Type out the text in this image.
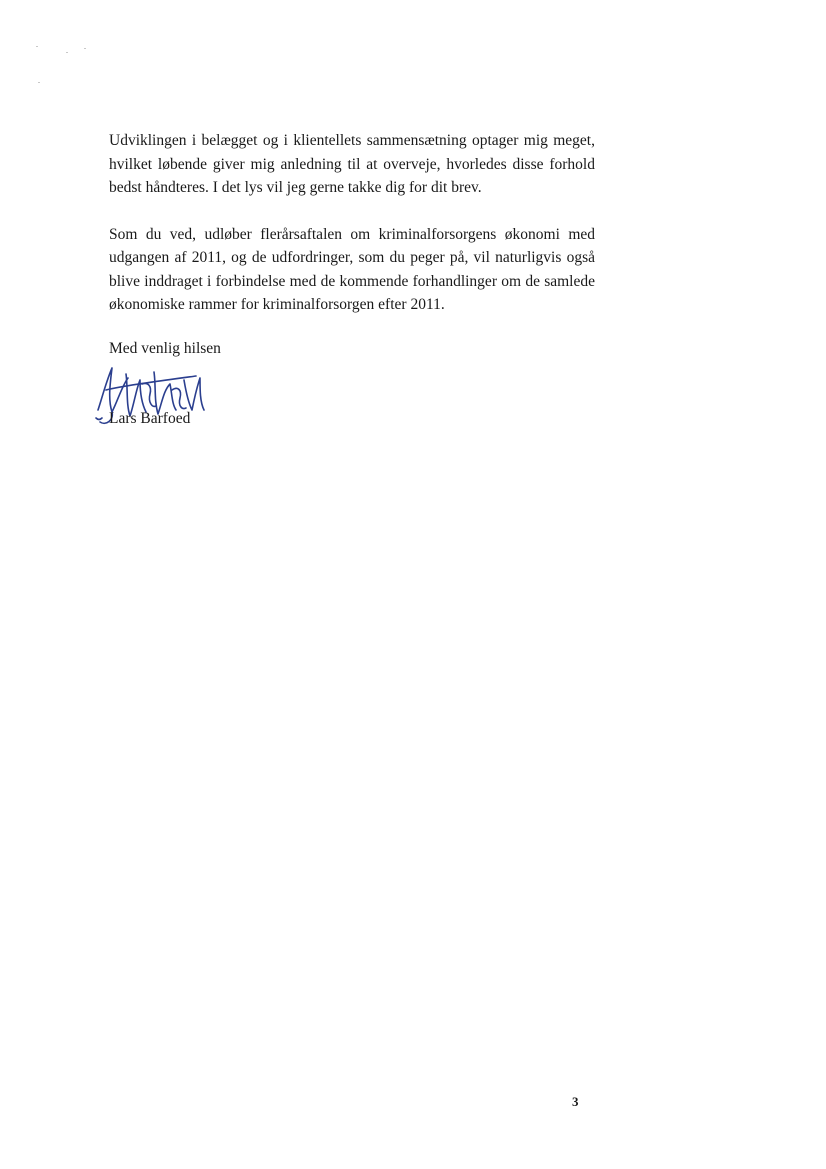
Udviklingen i belægget og i klientellets sammensætning optager mig meget, hvilket løbende giver mig anledning til at overveje, hvorledes disse forhold bedst håndteres. I det lys vil jeg gerne takke dig for dit brev.

Som du ved, udløber flerårsaftalen om kriminalforsorgens økonomi med udgangen af 2011, og de udfordringer, som du peger på, vil naturligvis også blive inddraget i forbindelse med de kommende forhandlinger om de samlede økonomiske rammer for kriminalforsorgen efter 2011.

Med venlig hilsen
Lars Barfoed
3
